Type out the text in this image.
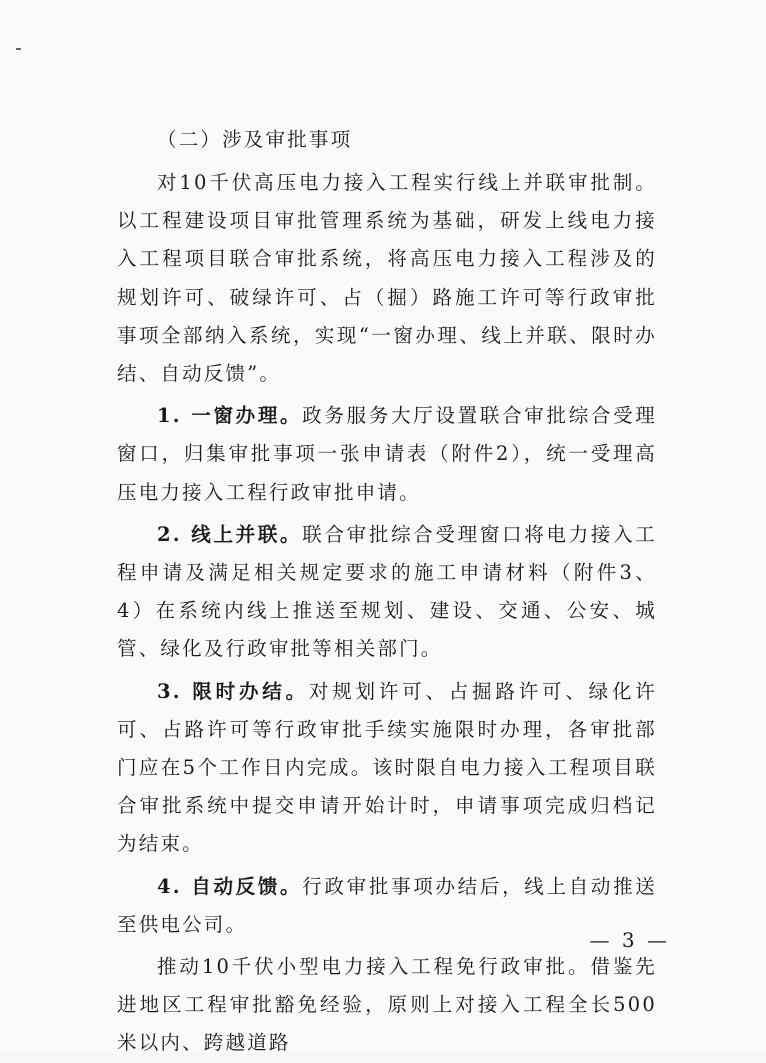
（二）涉及审批事项

对10千伏高压电力接入工程实行线上并联审批制。以工程建设项目审批管理系统为基础，研发上线电力接入工程项目联合审批系统，将高压电力接入工程涉及的规划许可、破绿许可、占（掘）路施工许可等行政审批事项全部纳入系统，实现“一窗办理、线上并联、限时办结、自动反馈”。

1. 一窗办理。政务服务大厅设置联合审批综合受理窗口，归集审批事项一张申请表（附件2），统一受理高压电力接入工程行政审批申请。

2. 线上并联。联合审批综合受理窗口将电力接入工程申请及满足相关规定要求的施工申请材料（附件3、4）在系统内线上推送至规划、建设、交通、公安、城管、绿化及行政审批等相关部门。

3. 限时办结。对规划许可、占掘路许可、绿化许可、占路许可等行政审批手续实施限时办理，各审批部门应在5个工作日内完成。该时限自电力接入工程项目联合审批系统中提交申请开始计时，申请事项完成归档记为结束。

4. 自动反馈。行政审批事项办结后，线上自动推送至供电公司。

推动10千伏小型电力接入工程免行政审批。借鉴先进地区工程审批豁免经验，原则上对接入工程全长500米以内、跨越道路

— 3 —
